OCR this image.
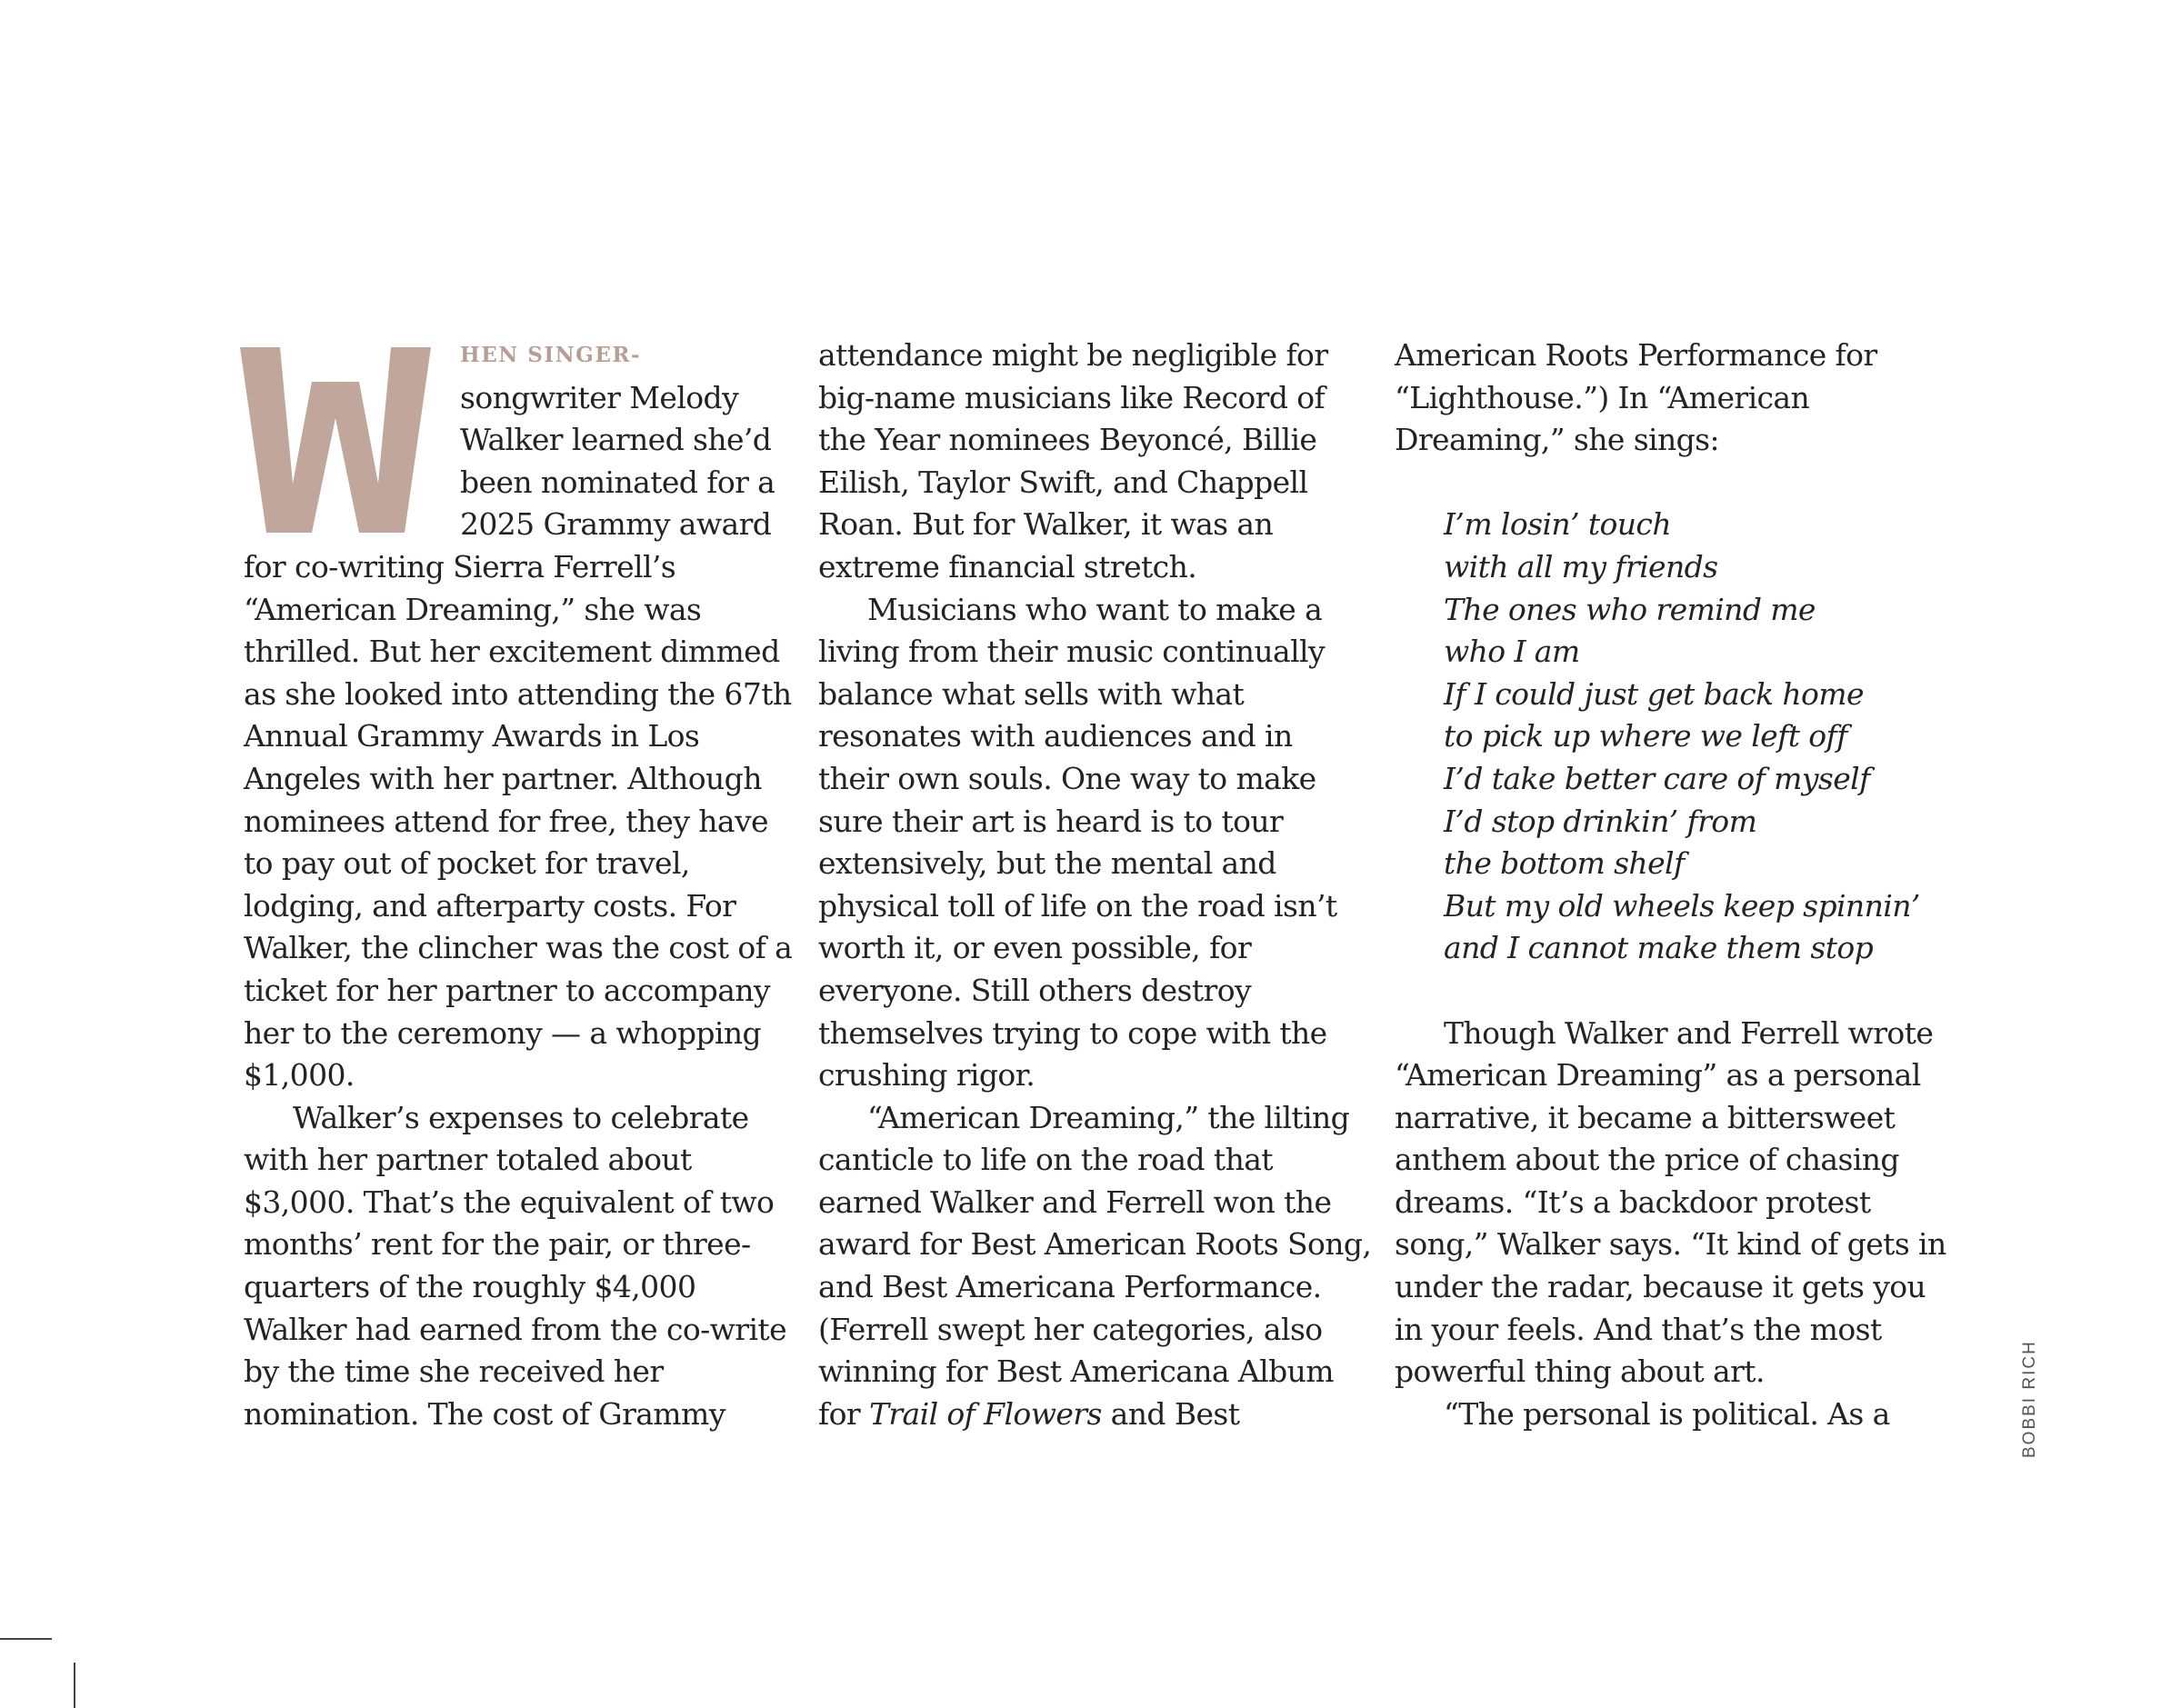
HEN SINGER-
songwriter Melody
Walker learned she’d
been nominated for a
2025 Grammy award
for co-writing Sierra Ferrell’s
“American Dreaming,” she was
thrilled. But her excitement dimmed
as she looked into attending the 67th
Annual Grammy Awards in Los
Angeles with her partner. Although
nominees attend for free, they have
to pay out of pocket for travel,
lodging, and afterparty costs. For
Walker, the clincher was the cost of a
ticket for her partner to accompany
her to the ceremony — a whopping
$1,000.
Walker’s expenses to celebrate
with her partner totaled about
$3,000. That’s the equivalent of two
months’ rent for the pair, or three-
quarters of the roughly $4,000
Walker had earned from the co-write
by the time she received her
nomination. The cost of Grammy
attendance might be negligible for
big-name musicians like Record of
the Year nominees Beyoncé, Billie
Eilish, Taylor Swift, and Chappell
Roan. But for Walker, it was an
extreme financial stretch.
Musicians who want to make a
living from their music continually
balance what sells with what
resonates with audiences and in
their own souls. One way to make
sure their art is heard is to tour
extensively, but the mental and
physical toll of life on the road isn’t
worth it, or even possible, for
everyone. Still others destroy
themselves trying to cope with the
crushing rigor.
“American Dreaming,” the lilting
canticle to life on the road that
earned Walker and Ferrell won the
award for Best American Roots Song,
and Best Americana Performance.
(Ferrell swept her categories, also
winning for Best Americana Album
for Trail of Flowers and Best
American Roots Performance for
“Lighthouse.”) In “American
Dreaming,” she sings:
I’m losin’ touch
with all my friends
The ones who remind me
who I am
If I could just get back home
to pick up where we left off
I’d take better care of myself
I’d stop drinkin’ from
the bottom shelf
But my old wheels keep spinnin’
and I cannot make them stop
Though Walker and Ferrell wrote
“American Dreaming” as a personal
narrative, it became a bittersweet
anthem about the price of chasing
dreams. “It’s a backdoor protest
song,” Walker says. “It kind of gets in
under the radar, because it gets you
in your feels. And that’s the most
powerful thing about art.
“The personal is political. As a	BOBBI RICH
